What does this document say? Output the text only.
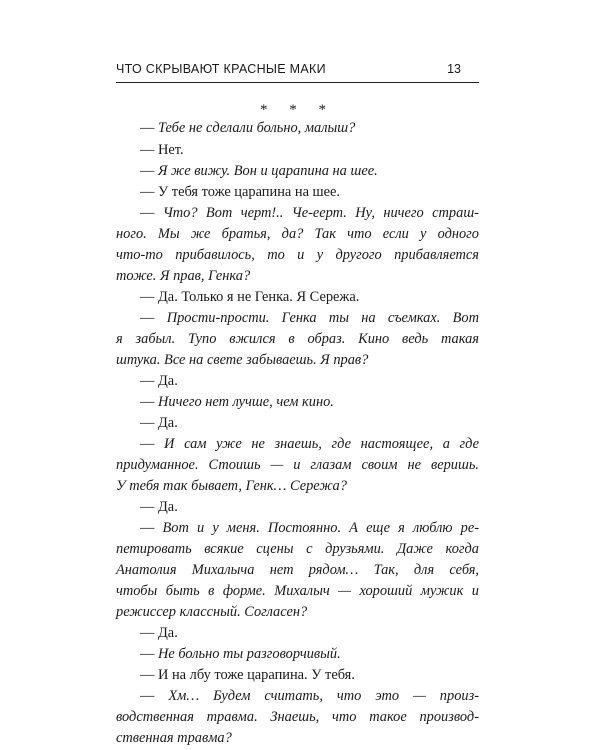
ЧТО СКРЫВАЮТ КРАСНЫЕ МАКИ	13
* * *
— Тебе не сделали больно, малыш?
— Нет.
— Я же вижу. Вон и царапина на шее.
— У тебя тоже царапина на шее.
— Что? Вот черт!.. Че-еерт. Ну, ничего страш-
ного. Мы же братья, да? Так что если у одного
что-то прибавилось, то и у другого прибавляется
тоже. Я прав, Генка?
— Да. Только я не Генка. Я Сережа.
— Прости-прости. Генка ты на съемках. Вот
я забыл. Тупо вжился в образ. Кино ведь такая
штука. Все на свете забываешь. Я прав?
— Да.
— Ничего нет лучше, чем кино.
— Да.
— И сам уже не знаешь, где настоящее, а где
придуманное. Стоишь — и глазам своим не веришь.
У тебя так бывает, Генк… Сережа?
— Да.
— Вот и у меня. Постоянно. А еще я люблю ре-
петировать всякие сцены с друзьями. Даже когда
Анатолия Михалыча нет рядом… Так, для себя,
чтобы быть в форме. Михалыч — хороший мужик и
режиссер классный. Согласен?
— Да.
— Не больно ты разговорчивый.
— И на лбу тоже царапина. У тебя.
— Хм… Будем считать, что это — произ-
водственная травма. Знаешь, что такое производ-
ственная травма?
